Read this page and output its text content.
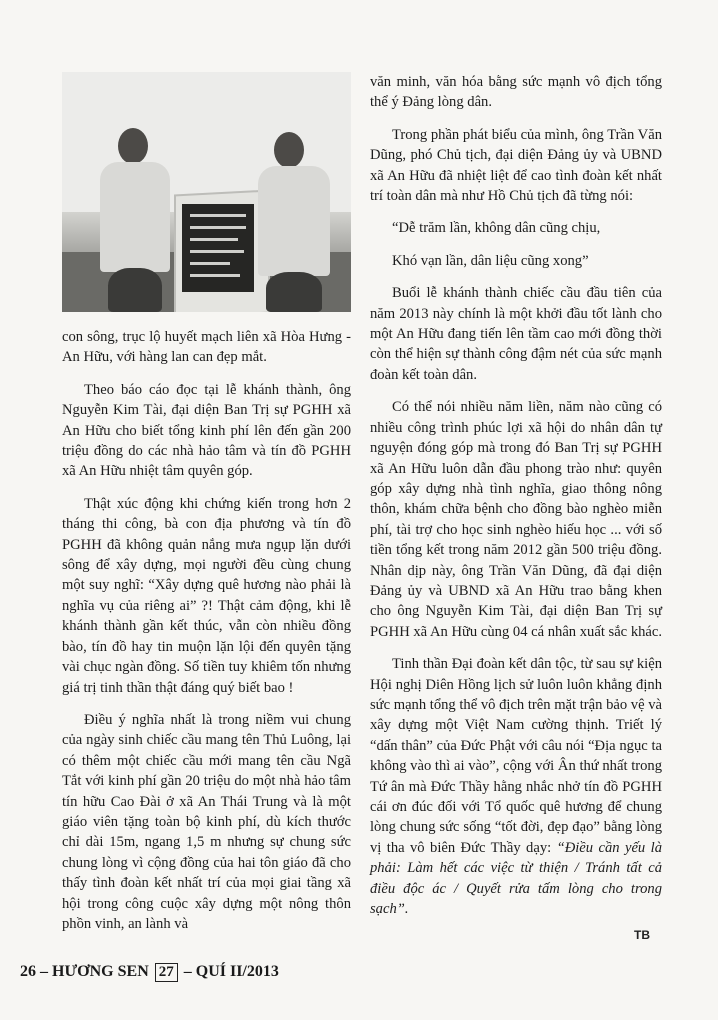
con sông, trục lộ huyết mạch liên xã Hòa Hưng - An Hữu, với hàng lan can đẹp mắt.

Theo báo cáo đọc tại lễ khánh thành, ông Nguyễn Kim Tài, đại diện Ban Trị sự PGHH xã An Hữu cho biết tổng kinh phí lên đến gần 200 triệu đồng do các nhà hảo tâm và tín đồ PGHH xã An Hữu nhiệt tâm quyên góp.

Thật xúc động khi chứng kiến trong hơn 2 tháng thi công, bà con địa phương và tín đồ PGHH đã không quản nắng mưa ngụp lặn dưới sông để xây dựng, mọi người đều cùng chung một suy nghĩ: “Xây dựng quê hương nào phải là nghĩa vụ của riêng ai” ?! Thật cảm động, khi lễ khánh thành gần kết thúc, vẫn còn nhiều đồng bào, tín đồ hay tin muộn lặn lội đến quyên tặng vài chục ngàn đồng. Số tiền tuy khiêm tốn nhưng giá trị tinh thần thật đáng quý biết bao !

Điều ý nghĩa nhất là trong niềm vui chung của ngày sinh chiếc cầu mang tên Thủ Luông, lại có thêm một chiếc cầu mới mang tên cầu Ngã Tắt với kinh phí gần 20 triệu do một nhà hảo tâm tín hữu Cao Đài ở xã An Thái Trung và là một giáo viên tặng toàn bộ kinh phí, dù kích thước chỉ dài 15m, ngang 1,5 m nhưng sự chung sức chung lòng vì cộng đồng của hai tôn giáo đã cho thấy tình đoàn kết nhất trí của mọi giai tầng xã hội trong công cuộc xây dựng một nông thôn phồn vinh, an lành và

văn minh, văn hóa bằng sức mạnh vô địch tổng thể ý Đảng lòng dân.

Trong phần phát biểu của mình, ông Trần Văn Dũng, phó Chủ tịch, đại diện Đảng ủy và UBND xã An Hữu đã nhiệt liệt để cao tình đoàn kết nhất trí toàn dân mà như Hồ Chủ tịch đã từng nói:

“Dễ trăm lần, không dân cũng chịu,

Khó vạn lần, dân liệu cũng xong”

Buổi lễ khánh thành chiếc cầu đầu tiên của năm 2013 này chính là một khởi đầu tốt lành cho một An Hữu đang tiến lên tầm cao mới đồng thời còn thể hiện sự thành công đậm nét của sức mạnh đoàn kết toàn dân.

Có thể nói nhiều năm liền, năm nào cũng có nhiều công trình phúc lợi xã hội do nhân dân tự nguyện đóng góp mà trong đó Ban Trị sự PGHH xã An Hữu luôn dẫn đầu phong trào như: quyên góp xây dựng nhà tình nghĩa, giao thông nông thôn, khám chữa bệnh cho đồng bào nghèo miễn phí, tài trợ cho học sinh nghèo hiếu học ... với số tiền tổng kết trong năm 2012 gần 500 triệu đồng. Nhân dịp này, ông Trần Văn Dũng, đã đại diện Đảng ủy và UBND xã An Hữu trao bằng khen cho ông Nguyễn Kim Tài, đại diện Ban Trị sự PGHH xã An Hữu cùng 04 cá nhân xuất sắc khác.

Tinh thần Đại đoàn kết dân tộc, từ sau sự kiện Hội nghị Diên Hồng lịch sử luôn luôn khẳng định sức mạnh tổng thể vô địch trên mặt trận bảo vệ và xây dựng một Việt Nam cường thịnh. Triết lý “dấn thân” của Đức Phật với câu nói “Địa ngục ta không vào thì ai vào”, cộng với Ân thứ nhất trong Tứ ân mà Đức Thầy hằng nhắc nhở tín đồ PGHH cái ơn đúc đối với Tổ quốc quê hương để chung lòng chung sức sống “tốt đời, đẹp đạo” bằng lòng vị tha vô biên Đức Thầy dạy: “Điều cần yếu là phải: Làm hết các việc từ thiện / Tránh tất cả điều độc ác / Quyết rửa tấm lòng cho trong sạch”.

TB
26 – HƯƠNG SEN 27 – QUÍ II/2013
